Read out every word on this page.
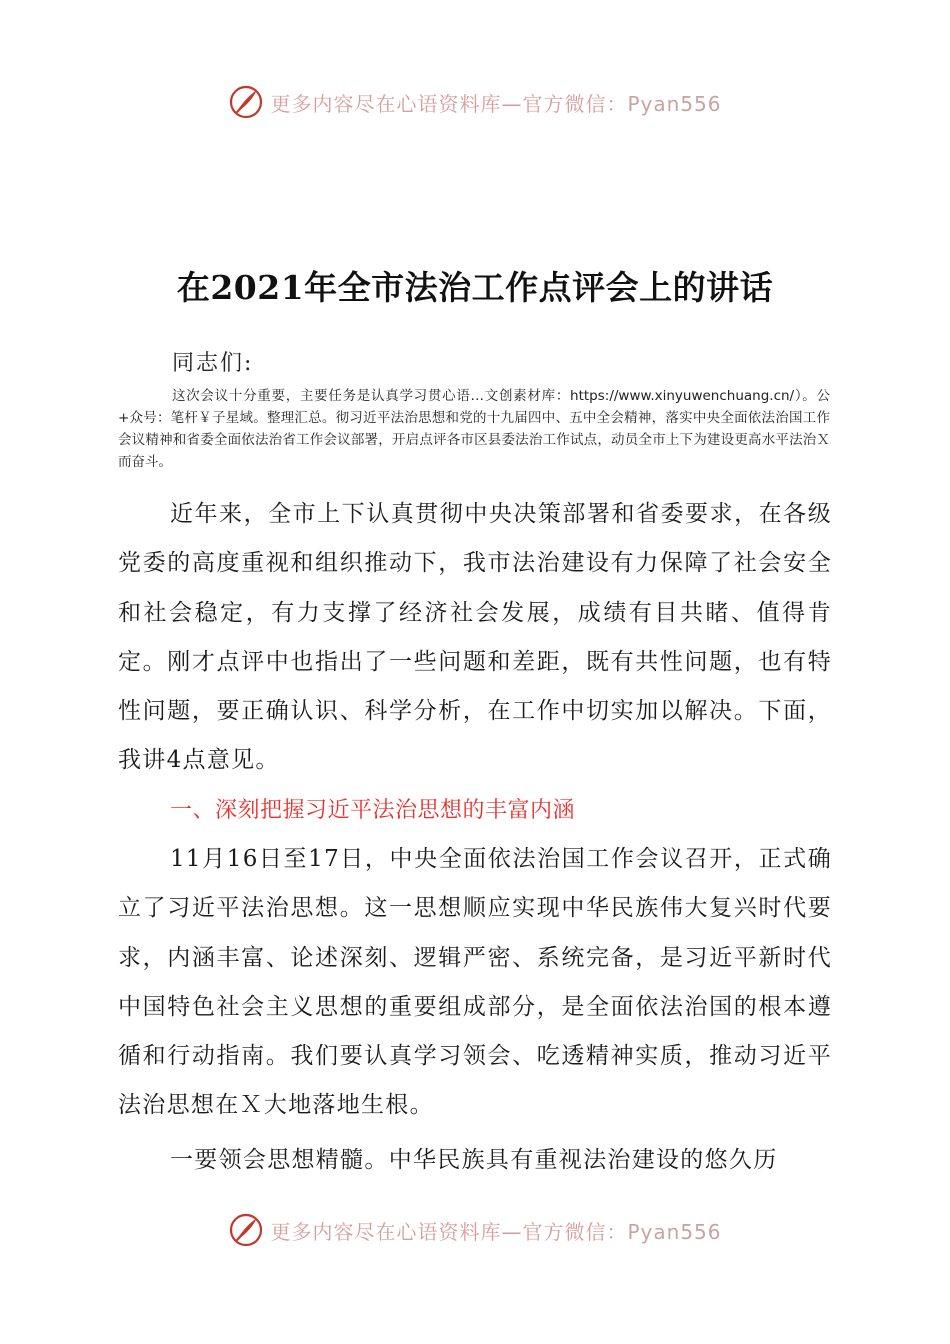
更多内容尽在心语资料库—官方微信：Pyan556
在2021年全市法治工作点评会上的讲话
同志们:
这次会议十分重要，主要任务是认真学习贯心语…文创素材库：https://www.xinyuwenchuang.cn/）。公+众号：笔杆￥子星域。整理汇总。彻习近平法治思想和党的十九届四中、五中全会精神，落实中央全面依法治国工作会议精神和省委全面依法治省工作会议部署，开启点评各市区县委法治工作试点，动员全市上下为建设更高水平法治Ｘ而奋斗。
近年来，全市上下认真贯彻中央决策部署和省委要求，在各级党委的高度重视和组织推动下，我市法治建设有力保障了社会安全和社会稳定，有力支撑了经济社会发展，成绩有目共睹、值得肯定。刚才点评中也指出了一些问题和差距，既有共性问题，也有特性问题，要正确认识、科学分析，在工作中切实加以解决。下面，我讲4点意见。
一、深刻把握习近平法治思想的丰富内涵
11月16日至17日，中央全面依法治国工作会议召开，正式确立了习近平法治思想。这一思想顺应实现中华民族伟大复兴时代要求，内涵丰富、论述深刻、逻辑严密、系统完备，是习近平新时代中国特色社会主义思想的重要组成部分，是全面依法治国的根本遵循和行动指南。我们要认真学习领会、吃透精神实质，推动习近平法治思想在Ｘ大地落地生根。
一要领会思想精髓。中华民族具有重视法治建设的悠久历
更多内容尽在心语资料库—官方微信：Pyan556
